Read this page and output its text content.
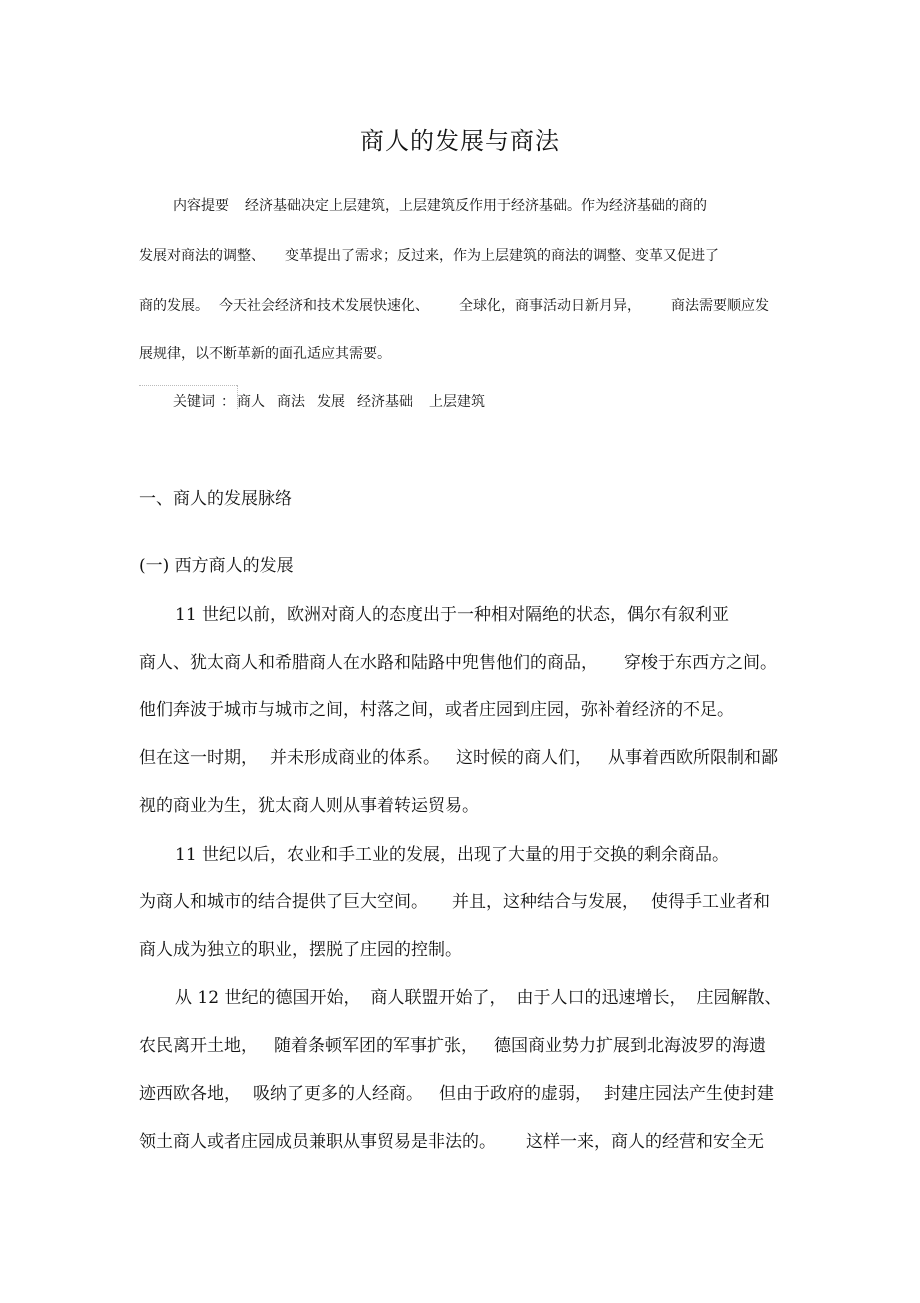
商人的发展与商法
内容提要 经济基础决定上层建筑，上层建筑反作用于经济基础。作为经济基础的商的
发展对商法的调整、 变革提出了需求；反过来，作为上层建筑的商法的调整、变革又促进了
商的发展。 今天社会经济和技术发展快速化、 全球化，商事活动日新月异， 商法需要顺应发
展规律，以不断革新的面孔适应其需要。
关键词 ： 商人 商法 发展 经济基础 上层建筑
一、商人的发展脉络
(一) 西方商人的发展
11 世纪以前，欧洲对商人的态度出于一种相对隔绝的状态，偶尔有叙利亚
商人、犹太商人和希腊商人在水路和陆路中兜售他们的商品， 穿梭于东西方之间。
他们奔波于城市与城市之间，村落之间，或者庄园到庄园，弥补着经济的不足。
但在这一时期， 并未形成商业的体系。 这时候的商人们， 从事着西欧所限制和鄙
视的商业为生，犹太商人则从事着转运贸易。
11 世纪以后，农业和手工业的发展，出现了大量的用于交换的剩余商品。
为商人和城市的结合提供了巨大空间。 并且，这种结合与发展， 使得手工业者和
商人成为独立的职业，摆脱了庄园的控制。
从 12 世纪的德国开始， 商人联盟开始了， 由于人口的迅速增长， 庄园解散、
农民离开土地， 随着条顿军团的军事扩张， 德国商业势力扩展到北海波罗的海遗
迹西欧各地， 吸纳了更多的人经商。 但由于政府的虚弱， 封建庄园法产生使封建
领土商人或者庄园成员兼职从事贸易是非法的。 这样一来，商人的经营和安全无
